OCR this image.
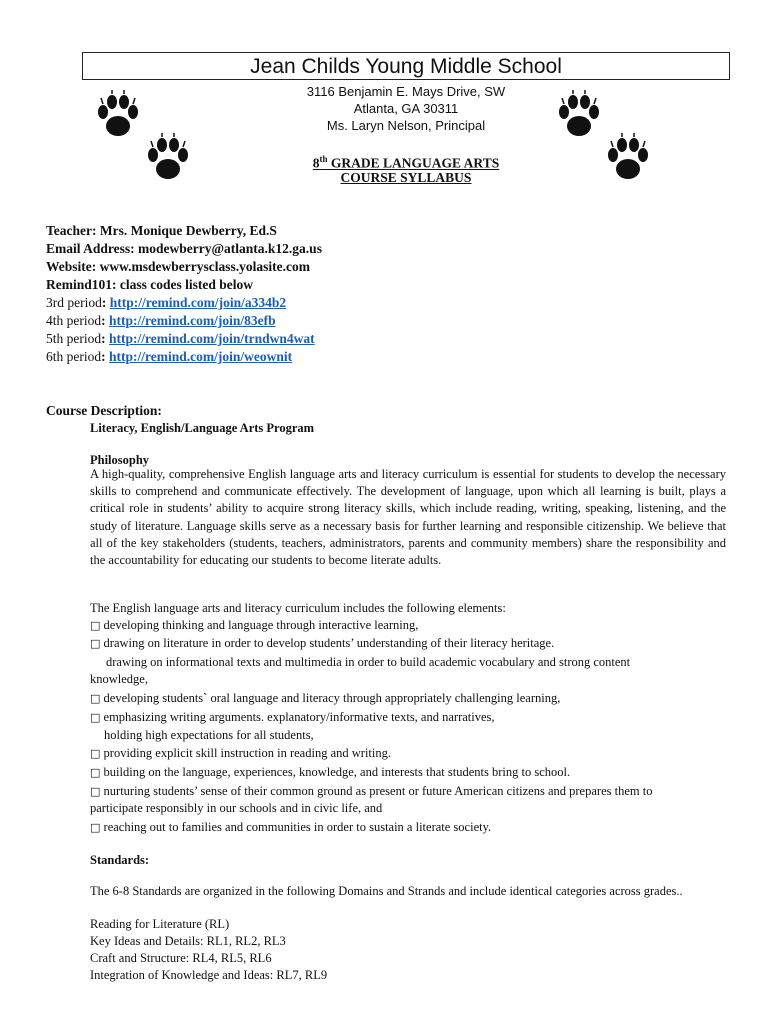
Jean Childs Young Middle School
3116 Benjamin E. Mays Drive, SW
Atlanta, GA 30311
Ms. Laryn Nelson, Principal
8th GRADE LANGUAGE ARTS
COURSE SYLLABUS
Teacher: Mrs. Monique Dewberry, Ed.S
Email Address: modewberry@atlanta.k12.ga.us
Website: www.msdewberrysclass.yolasite.com
Remind101: class codes listed below
3rd period: http://remind.com/join/a334b2
4th period: http://remind.com/join/83efb
5th period: http://remind.com/join/trndwn4wat
6th period: http://remind.com/join/weownit
Course Description:
Literacy, English/Language Arts Program
Philosophy
A high-quality, comprehensive English language arts and literacy curriculum is essential for students to develop the necessary skills to comprehend and communicate effectively. The development of language, upon which all learning is built, plays a critical role in students’ ability to acquire strong literacy skills, which include reading, writing, speaking, listening, and the study of literature. Language skills serve as a necessary basis for further learning and responsible citizenship. We believe that all of the key stakeholders (students, teachers, administrators, parents and community members) share the responsibility and the accountability for educating our students to become literate adults.
The English language arts and literacy curriculum includes the following elements:
□ developing thinking and language through interactive learning,
□ drawing on literature in order to develop students’ understanding of their literacy heritage.
drawing on informational texts and multimedia in order to build academic vocabulary and strong content
knowledge,
□ developing students` oral language and literacy through appropriately challenging learning,
□ emphasizing writing arguments. explanatory/informative texts, and narratives,
holding high expectations for all students,
□ providing explicit skill instruction in reading and writing.
□ building on the language, experiences, knowledge, and interests that students bring to school.
□ nurturing students’ sense of their common ground as present or future American citizens and prepares them to
participate responsibly in our schools and in civic life, and
□ reaching out to families and communities in order to sustain a literate society.
Standards:
The 6-8 Standards are organized in the following Domains and Strands and include identical categories across grades..
Reading for Literature (RL)
Key Ideas and Details: RL1, RL2, RL3
Craft and Structure: RL4, RL5, RL6
Integration of Knowledge and Ideas: RL7, RL9
